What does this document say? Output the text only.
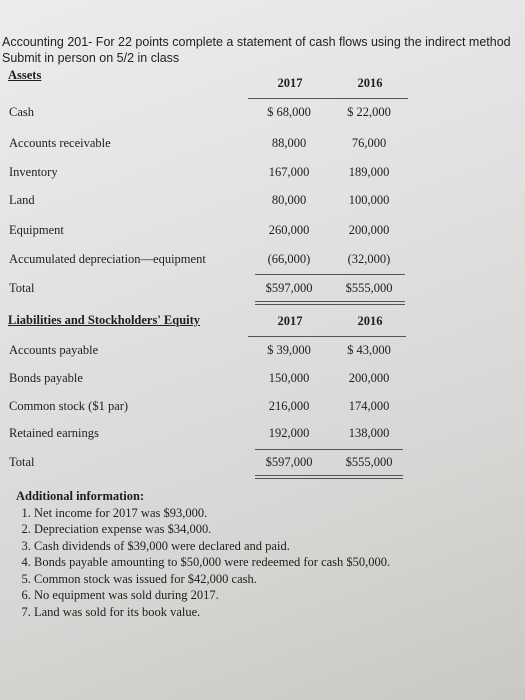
Accounting 201- For 22 points complete a statement of cash flows using the indirect method
Submit in person on 5/2 in class
Assets
2017	2016
Cash	$ 68,000	$ 22,000
Accounts receivable	88,000	76,000
Inventory	167,000	189,000
Land	80,000	100,000
Equipment	260,000	200,000
Accumulated depreciation—equipment	(66,000)	(32,000)
Total	$597,000	$555,000
Liabilities and Stockholders' Equity	2017	2016
Accounts payable	$ 39,000	$ 43,000
Bonds payable	150,000	200,000
Common stock ($1 par)	216,000	174,000
Retained earnings	192,000	138,000
Total	$597,000	$555,000
Additional information:
1. Net income for 2017 was $93,000.
2. Depreciation expense was $34,000.
3. Cash dividends of $39,000 were declared and paid.
4. Bonds payable amounting to $50,000 were redeemed for cash $50,000.
5. Common stock was issued for $42,000 cash.
6. No equipment was sold during 2017.
7. Land was sold for its book value.
